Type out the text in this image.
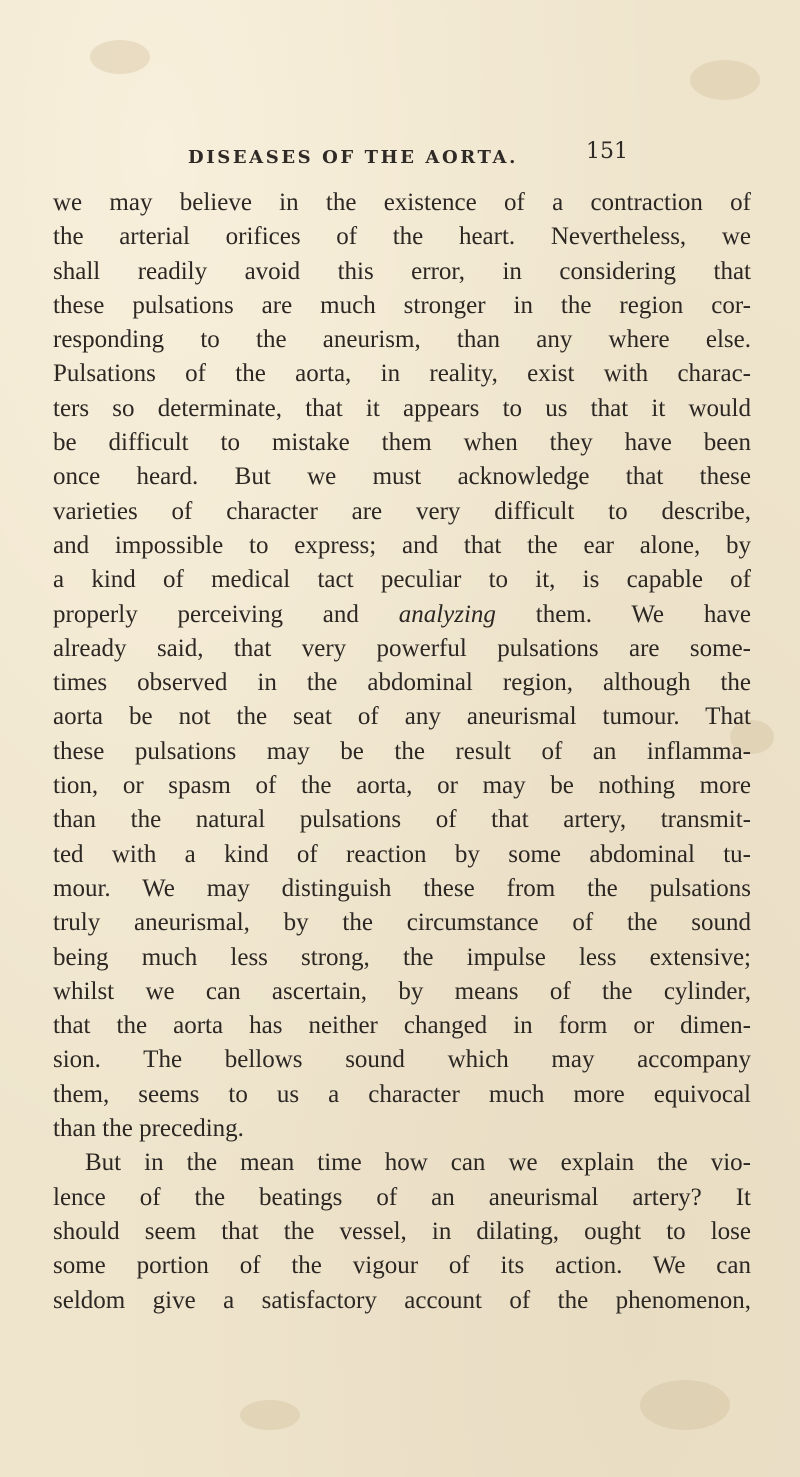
DISEASES OF THE AORTA.	151
we may believe in the existence of a contraction of
the arterial orifices of the heart. Nevertheless, we
shall readily avoid this error, in considering that
these pulsations are much stronger in the region cor-
responding to the aneurism, than any where else.
Pulsations of the aorta, in reality, exist with charac-
ters so determinate, that it appears to us that it would
be difficult to mistake them when they have been
once heard. But we must acknowledge that these
varieties of character are very difficult to describe,
and impossible to express; and that the ear alone, by
a kind of medical tact peculiar to it, is capable of
properly perceiving and analyzing them. We have
already said, that very powerful pulsations are some-
times observed in the abdominal region, although the
aorta be not the seat of any aneurismal tumour. That
these pulsations may be the result of an inflamma-
tion, or spasm of the aorta, or may be nothing more
than the natural pulsations of that artery, transmit-
ted with a kind of reaction by some abdominal tu-
mour. We may distinguish these from the pulsations
truly aneurismal, by the circumstance of the sound
being much less strong, the impulse less extensive;
whilst we can ascertain, by means of the cylinder,
that the aorta has neither changed in form or dimen-
sion. The bellows sound which may accompany
them, seems to us a character much more equivocal
than the preceding.
But in the mean time how can we explain the vio-
lence of the beatings of an aneurismal artery? It
should seem that the vessel, in dilating, ought to lose
some portion of the vigour of its action. We can
seldom give a satisfactory account of the phenomenon,
